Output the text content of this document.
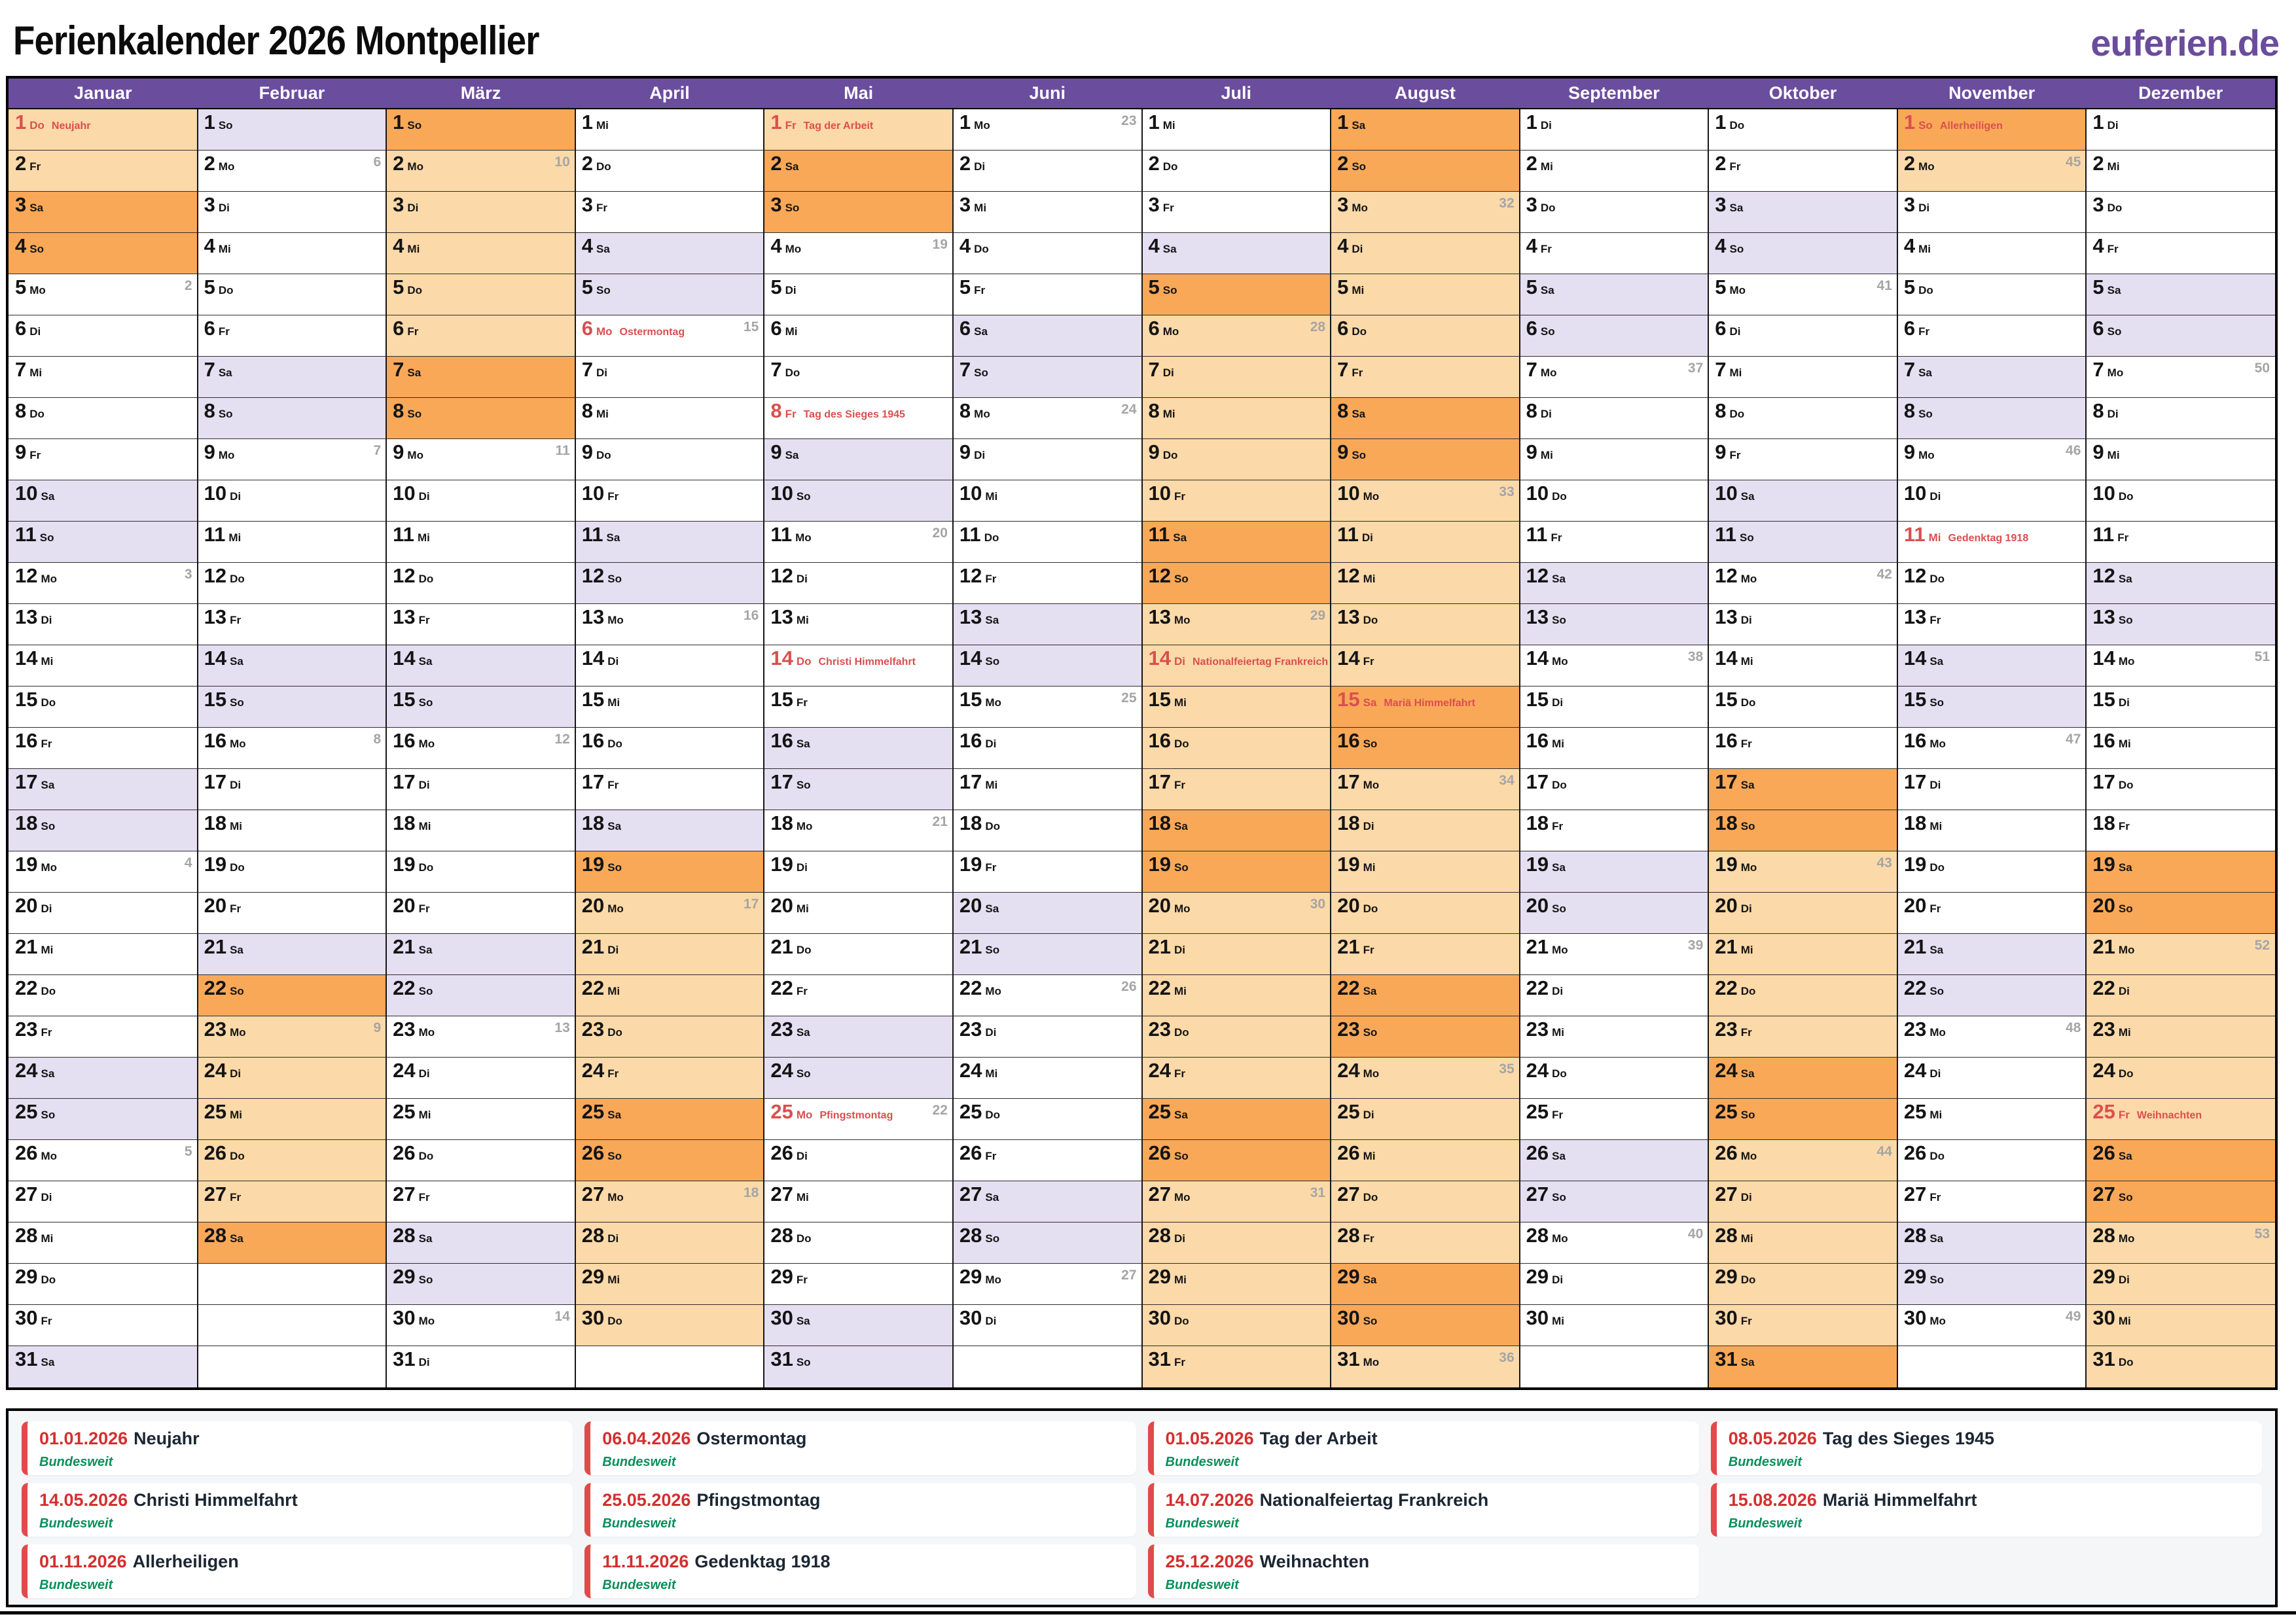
Ferienkalender 2026 Montpellier	euferien.de
Januar
1 Do Neujahr
2 Fr
3 Sa
4 So
5 Mo	2
6 Di
7 Mi
8 Do
9 Fr
10 Sa
11 So
12 Mo	3
13 Di
14 Mi
15 Do
16 Fr
17 Sa
18 So
19 Mo	4
20 Di
21 Mi
22 Do
23 Fr
24 Sa
25 So
26 Mo	5
27 Di
28 Mi
29 Do
30 Fr
31 Sa
Februar
1 So
2 Mo	6
3 Di
4 Mi
5 Do
6 Fr
7 Sa
8 So
9 Mo	7
10 Di
11 Mi
12 Do
13 Fr
14 Sa
15 So
16 Mo	8
17 Di
18 Mi
19 Do
20 Fr
21 Sa
22 So
23 Mo	9
24 Di
25 Mi
26 Do
27 Fr
28 Sa
März
1 So
2 Mo	10
3 Di
4 Mi
5 Do
6 Fr
7 Sa
8 So
9 Mo	11
10 Di
11 Mi
12 Do
13 Fr
14 Sa
15 So
16 Mo	12
17 Di
18 Mi
19 Do
20 Fr
21 Sa
22 So
23 Mo	13
24 Di
25 Mi
26 Do
27 Fr
28 Sa
29 So
30 Mo	14
31 Di
April
1 Mi
2 Do
3 Fr
4 Sa
5 So
6 Mo Ostermontag	15
7 Di
8 Mi
9 Do
10 Fr
11 Sa
12 So
13 Mo	16
14 Di
15 Mi
16 Do
17 Fr
18 Sa
19 So
20 Mo	17
21 Di
22 Mi
23 Do
24 Fr
25 Sa
26 So
27 Mo	18
28 Di
29 Mi
30 Do
Mai
1 Fr Tag der Arbeit
2 Sa
3 So
4 Mo	19
5 Di
6 Mi
7 Do
8 Fr Tag des Sieges 1945
9 Sa
10 So
11 Mo	20
12 Di
13 Mi
14 Do Christi Himmelfahrt
15 Fr
16 Sa
17 So
18 Mo	21
19 Di
20 Mi
21 Do
22 Fr
23 Sa
24 So
25 Mo Pfingstmontag	22
26 Di
27 Mi
28 Do
29 Fr
30 Sa
31 So
Juni
1 Mo	23
2 Di
3 Mi
4 Do
5 Fr
6 Sa
7 So
8 Mo	24
9 Di
10 Mi
11 Do
12 Fr
13 Sa
14 So
15 Mo	25
16 Di
17 Mi
18 Do
19 Fr
20 Sa
21 So
22 Mo	26
23 Di
24 Mi
25 Do
26 Fr
27 Sa
28 So
29 Mo	27
30 Di
Juli
1 Mi
2 Do
3 Fr
4 Sa
5 So
6 Mo	28
7 Di
8 Mi
9 Do
10 Fr
11 Sa
12 So
13 Mo	29
14 Di Nationalfeiertag Frankreich
15 Mi
16 Do
17 Fr
18 Sa
19 So
20 Mo	30
21 Di
22 Mi
23 Do
24 Fr
25 Sa
26 So
27 Mo	31
28 Di
29 Mi
30 Do
31 Fr
August
1 Sa
2 So
3 Mo	32
4 Di
5 Mi
6 Do
7 Fr
8 Sa
9 So
10 Mo	33
11 Di
12 Mi
13 Do
14 Fr
15 Sa Mariä Himmelfahrt
16 So
17 Mo	34
18 Di
19 Mi
20 Do
21 Fr
22 Sa
23 So
24 Mo	35
25 Di
26 Mi
27 Do
28 Fr
29 Sa
30 So
31 Mo	36
September
1 Di
2 Mi
3 Do
4 Fr
5 Sa
6 So
7 Mo	37
8 Di
9 Mi
10 Do
11 Fr
12 Sa
13 So
14 Mo	38
15 Di
16 Mi
17 Do
18 Fr
19 Sa
20 So
21 Mo	39
22 Di
23 Mi
24 Do
25 Fr
26 Sa
27 So
28 Mo	40
29 Di
30 Mi
Oktober
1 Do
2 Fr
3 Sa
4 So
5 Mo	41
6 Di
7 Mi
8 Do
9 Fr
10 Sa
11 So
12 Mo	42
13 Di
14 Mi
15 Do
16 Fr
17 Sa
18 So
19 Mo	43
20 Di
21 Mi
22 Do
23 Fr
24 Sa
25 So
26 Mo	44
27 Di
28 Mi
29 Do
30 Fr
31 Sa
November
1 So Allerheiligen
2 Mo	45
3 Di
4 Mi
5 Do
6 Fr
7 Sa
8 So
9 Mo	46
10 Di
11 Mi Gedenktag 1918
12 Do
13 Fr
14 Sa
15 So
16 Mo	47
17 Di
18 Mi
19 Do
20 Fr
21 Sa
22 So
23 Mo	48
24 Di
25 Mi
26 Do
27 Fr
28 Sa
29 So
30 Mo	49
Dezember
1 Di
2 Mi
3 Do
4 Fr
5 Sa
6 So
7 Mo	50
8 Di
9 Mi
10 Do
11 Fr
12 Sa
13 So
14 Mo	51
15 Di
16 Mi
17 Do
18 Fr
19 Sa
20 So
21 Mo	52
22 Di
23 Mi
24 Do
25 Fr Weihnachten
26 Sa
27 So
28 Mo	53
29 Di
30 Mi
31 Do
01.01.2026 Neujahr
Bundesweit
06.04.2026 Ostermontag
Bundesweit
01.05.2026 Tag der Arbeit
Bundesweit
08.05.2026 Tag des Sieges 1945
Bundesweit
14.05.2026 Christi Himmelfahrt
Bundesweit
25.05.2026 Pfingstmontag
Bundesweit
14.07.2026 Nationalfeiertag Frankreich
Bundesweit
15.08.2026 Mariä Himmelfahrt
Bundesweit
01.11.2026 Allerheiligen
Bundesweit
11.11.2026 Gedenktag 1918
Bundesweit
25.12.2026 Weihnachten
Bundesweit
